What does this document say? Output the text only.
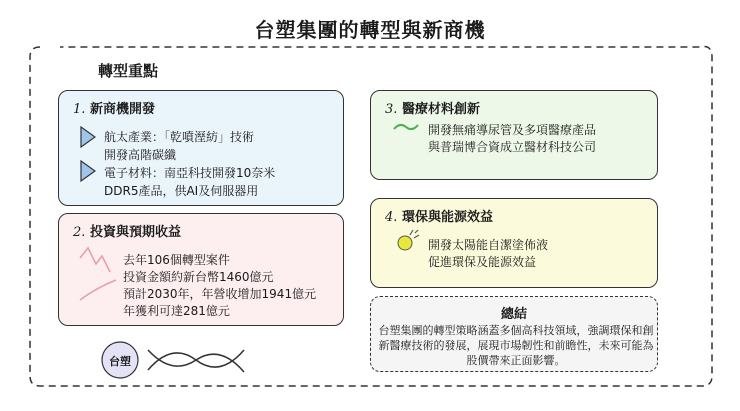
台塑集團的轉型與新商機
轉型重點
1. 新商機開發
航太產業：「乾噴溼紡」技術
開發高階碳纖
電子材料：南亞科技開發10奈米
DDR5產品，供AI及伺服器用
2. 投資與預期收益
去年106個轉型案件
投資金額約新台幣1460億元
預計2030年，年營收增加1941億元
年獲利可達281億元
3. 醫療材料創新
開發無痛導尿管及多項醫療產品
與普瑞博合資成立醫材科技公司
4. 環保與能源效益
開發太陽能自潔塗佈液
促進環保及能源效益
總結
台塑集團的轉型策略涵蓋多個高科技領域，強調環保和創新醫療技術的發展，展現市場韌性和前瞻性，未來可能為股價帶來正面影響。
台塑
